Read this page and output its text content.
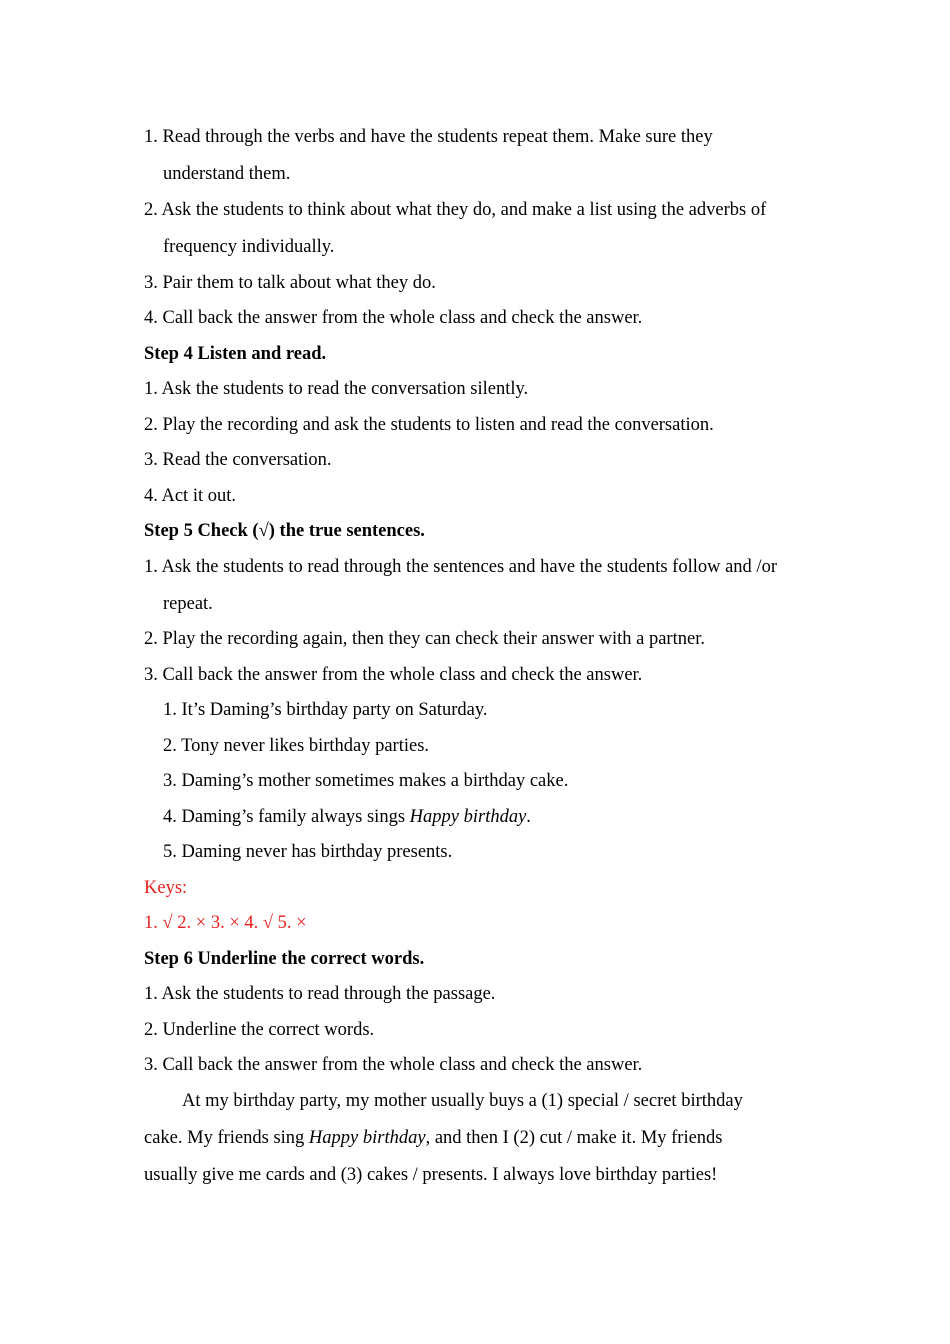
1. Read through the verbs and have the students repeat them. Make sure they
understand them.
2. Ask the students to think about what they do, and make a list using the adverbs of
frequency individually.
3. Pair them to talk about what they do.
4. Call back the answer from the whole class and check the answer.
Step 4 Listen and read.
1. Ask the students to read the conversation silently.
2. Play the recording and ask the students to listen and read the conversation.
3. Read the conversation.
4. Act it out.
Step 5 Check (√) the true sentences.
1. Ask the students to read through the sentences and have the students follow and /or
repeat.
2. Play the recording again, then they can check their answer with a partner.
3. Call back the answer from the whole class and check the answer.
1. It’s Daming’s birthday party on Saturday.
2. Tony never likes birthday parties.
3. Daming’s mother sometimes makes a birthday cake.
4. Daming’s family always sings Happy birthday.
5. Daming never has birthday presents.
Keys:
1. √ 2. × 3. × 4. √ 5. ×
Step 6 Underline the correct words.
1. Ask the students to read through the passage.
2. Underline the correct words.
3. Call back the answer from the whole class and check the answer.
At my birthday party, my mother usually buys a (1) special / secret birthday
cake. My friends sing Happy birthday, and then I (2) cut / make it. My friends
usually give me cards and (3) cakes / presents. I always love birthday parties!
